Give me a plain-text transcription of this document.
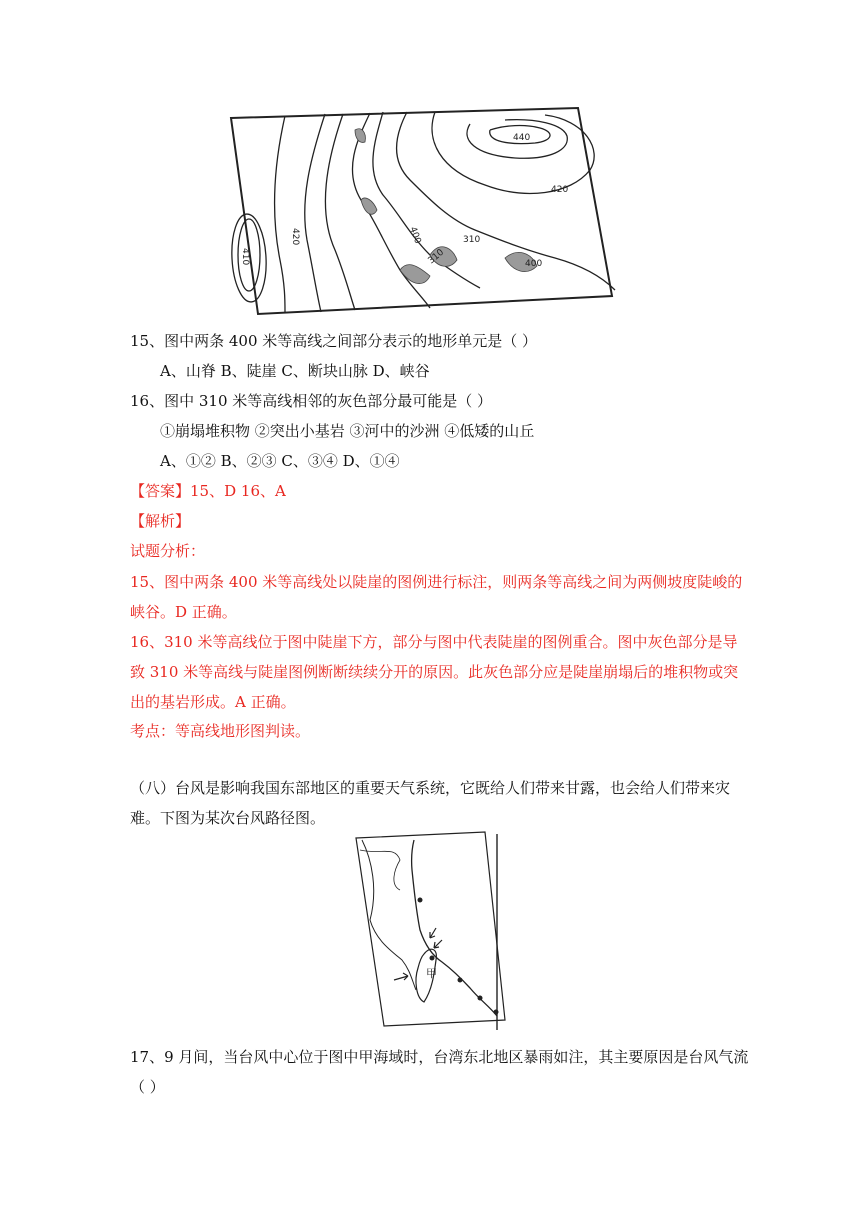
440
420
400	310
400
310
420
410
15、图中两条 400 米等高线之间部分表示的地形单元是（ ）
A、山脊 B、陡崖 C、断块山脉 D、峡谷
16、图中 310 米等高线相邻的灰色部分最可能是（ ）
①崩塌堆积物 ②突出小基岩 ③河中的沙洲 ④低矮的山丘
A、①② B、②③ C、③④ D、①④
【答案】15、D 16、A
【解析】
试题分析：
15、图中两条 400 米等高线处以陡崖的图例进行标注，则两条等高线之间为两侧坡度陡峻的峡谷。D 正确。
16、310 米等高线位于图中陡崖下方，部分与图中代表陡崖的图例重合。图中灰色部分是导致 310 米等高线与陡崖图例断断续续分开的原因。此灰色部分应是陡崖崩塌后的堆积物或突出的基岩形成。A 正确。
考点：等高线地形图判读。
（八）台风是影响我国东部地区的重要天气系统，它既给人们带来甘露，也会给人们带来灾难。下图为某次台风路径图。
甲
17、9 月间，当台风中心位于图中甲海域时，台湾东北地区暴雨如注，其主要原因是台风气流（ ）
